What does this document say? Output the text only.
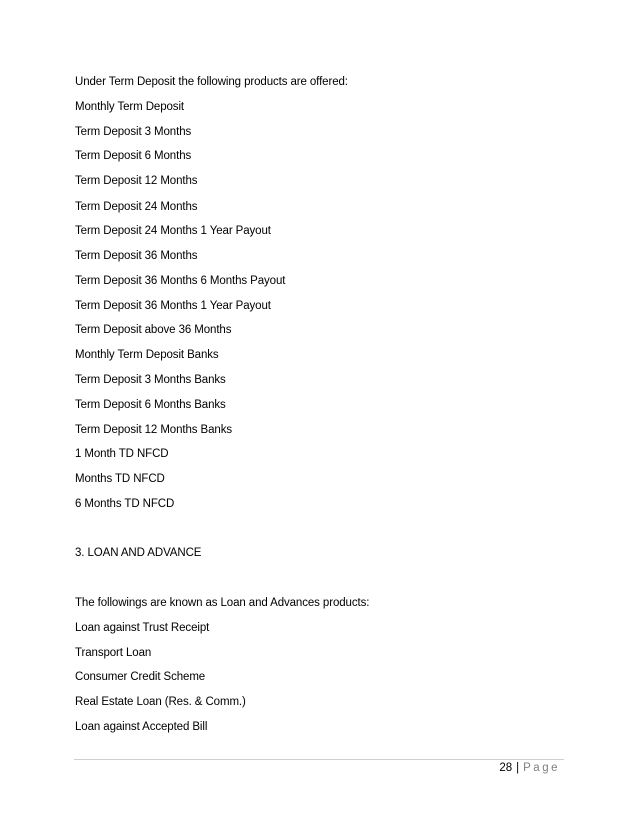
Under Term Deposit the following products are offered:
Monthly Term Deposit
Term Deposit 3 Months
Term Deposit 6 Months
Term Deposit 12 Months
Term Deposit 24 Months
Term Deposit 24 Months 1 Year Payout
Term Deposit 36 Months
Term Deposit 36 Months 6 Months Payout
Term Deposit 36 Months 1 Year Payout
Term Deposit above 36 Months
Monthly Term Deposit Banks
Term Deposit 3 Months Banks
Term Deposit 6 Months Banks
Term Deposit 12 Months Banks
1 Month TD NFCD
Months TD NFCD
6 Months TD NFCD
3. LOAN AND ADVANCE
The followings are known as Loan and Advances products:
Loan against Trust Receipt
Transport Loan
Consumer Credit Scheme
Real Estate Loan (Res. & Comm.)
Loan against Accepted Bill
28 | Page
